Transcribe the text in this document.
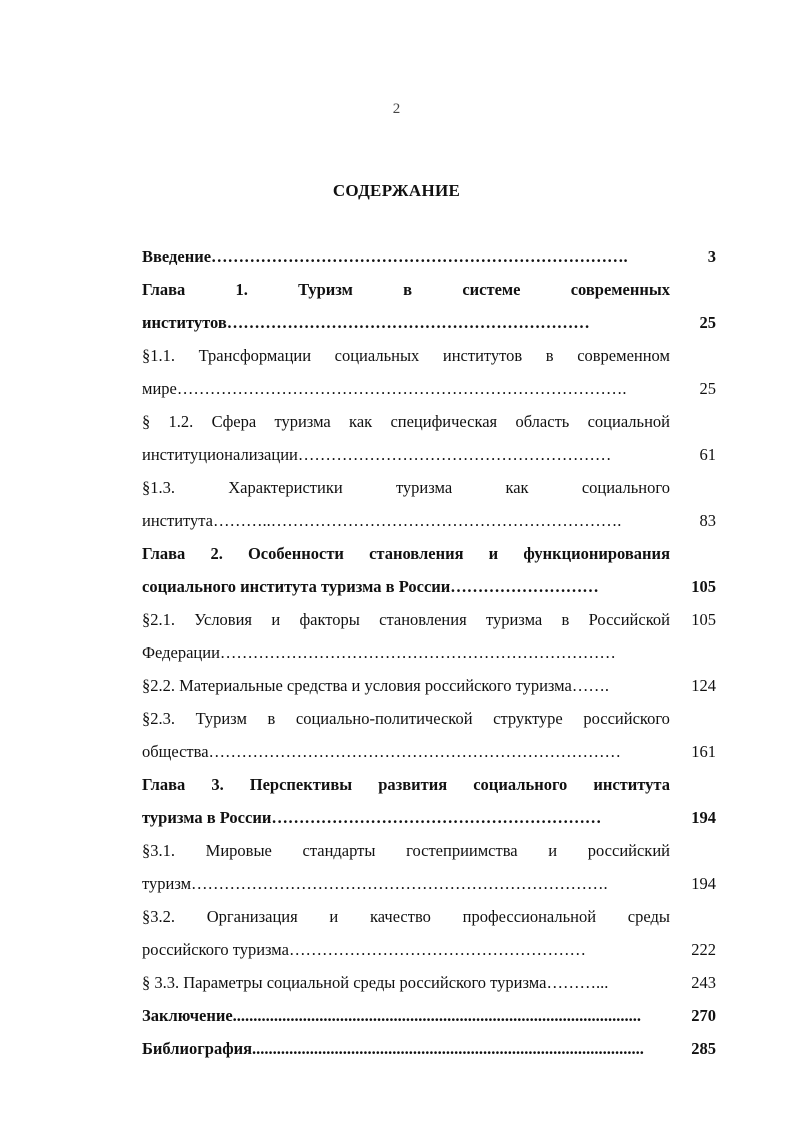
2
СОДЕРЖАНИЕ
Введение………………………………………………………………….	3
Глава	1.	Туризм	в	системе	современных
институтов…………………………………………………………	25
§1.1. Трансформации социальных институтов в современном
мире……………………………………………………………………….	25
§ 1.2. Сфера туризма как специфическая область социальной
институционализации…………………………………………………	61
§1.3.	Характеристики	туризма	как	социального
института………..……………………………………………………….	83
Глава 2. Особенности становления и функционирования
социального института туризма в России………………………	105
§2.1. Условия и факторы становления туризма в Российской	105
Федерации………………………………………………………………
§2.2. Материальные средства и условия российского туризма…….	124
§2.3. Туризм в социально-политической структуре российского
общества…………………………………………………………………	161
Глава 3. Перспективы развития социального института
туризма в России……………………………………………………	194
§3.1. Мировые стандарты гостеприимства и российский
туризм………………………………………………………………….	194
§3.2. Организация и качество профессиональной среды
российского туризма………………………………………………	222
§ 3.3. Параметры социальной среды российского туризма………...	243
Заключение...................................................................................................	270
Библиография...............................................................................................	285
